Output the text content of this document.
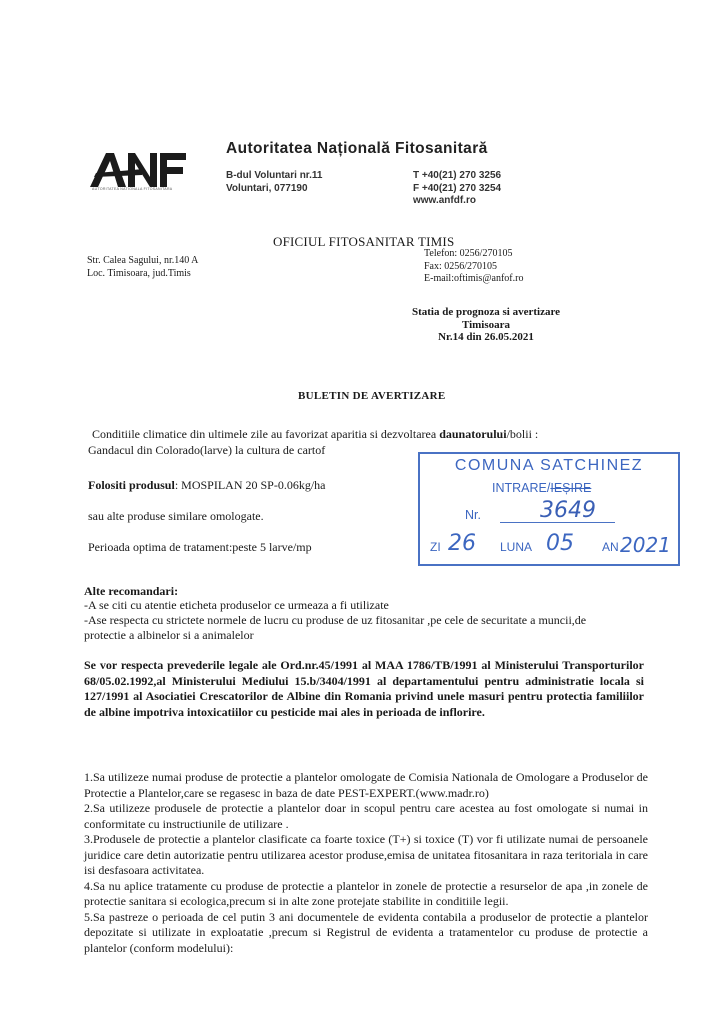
AUTORITATEA NATIONALA FITOSANITARA
Autoritatea Națională Fitosanitară
B-dul Voluntari nr.11
Voluntari, 077190
T +40(21) 270 3256
F +40(21) 270 3254
www.anfdf.ro
OFICIUL FITOSANITAR TIMIS
Str. Calea Sagului, nr.140 A
Loc. Timisoara, jud.Timis
Telefon: 0256/270105
Fax: 0256/270105
E-mail:oftimis@anfof.ro
Statia de prognoza si avertizare
Timisoara
Nr.14 din 26.05.2021
BULETIN DE AVERTIZARE
Conditiile climatice din ultimele zile au favorizat aparitia si dezvoltarea daunatorului/bolii :
Gandacul din Colorado(larve) la cultura de cartof
Folositi produsul: MOSPILAN 20 SP-0.06kg/ha
sau alte produse similare omologate.
Perioada optima de tratament:peste 5 larve/mp
COMUNA SATCHINEZ
INTRARE/IEȘIRE
Nr.	3649
ZI 26 LUNA 05 AN 2021
Alte recomandari:
-A se citi cu atentie eticheta produselor ce urmeaza a fi utilizate
-Ase respecta cu strictete normele de lucru cu produse de uz fitosanitar ,pe cele de securitate a muncii,de
protectie a albinelor si a animalelor
Se vor respecta prevederile legale ale Ord.nr.45/1991 al MAA 1786/TB/1991 al Ministerului Transporturilor 68/05.02.1992,al Ministerului Mediului 15.b/3404/1991 al departamentului pentru administratie locala si 127/1991 al Asociatiei Crescatorilor de Albine din Romania privind unele masuri pentru protectia familiilor de albine impotriva intoxicatiilor cu pesticide mai ales in perioada de inflorire.

1.Sa utilizeze numai produse de protectie a plantelor omologate de Comisia Nationala de Omologare a Produselor de Protectie a Plantelor,care se regasesc in baza de date PEST-EXPERT.(www.madr.ro)

2.Sa utilizeze produsele de protectie a plantelor doar in scopul pentru care acestea au fost omologate si numai in conformitate cu instructiunile de utilizare .

3.Produsele de protectie a plantelor clasificate ca foarte toxice (T+) si toxice (T) vor fi utilizate numai de persoanele juridice care detin autorizatie pentru utilizarea acestor produse,emisa de unitatea fitosanitara in raza teritoriala in care isi desfasoara activitatea.

4.Sa nu aplice tratamente cu produse de protectie a plantelor in zonele de protectie a resurselor de apa ,in zonele de protectie sanitara si ecologica,precum si in alte zone protejate stabilite in conditiile legii.

5.Sa pastreze o perioada de cel putin 3 ani documentele de evidenta contabila a produselor de protectie a plantelor depozitate si utilizate in exploatatie ,precum si Registrul de evidenta a tratamentelor cu produse de protectie a plantelor (conform modelului):
